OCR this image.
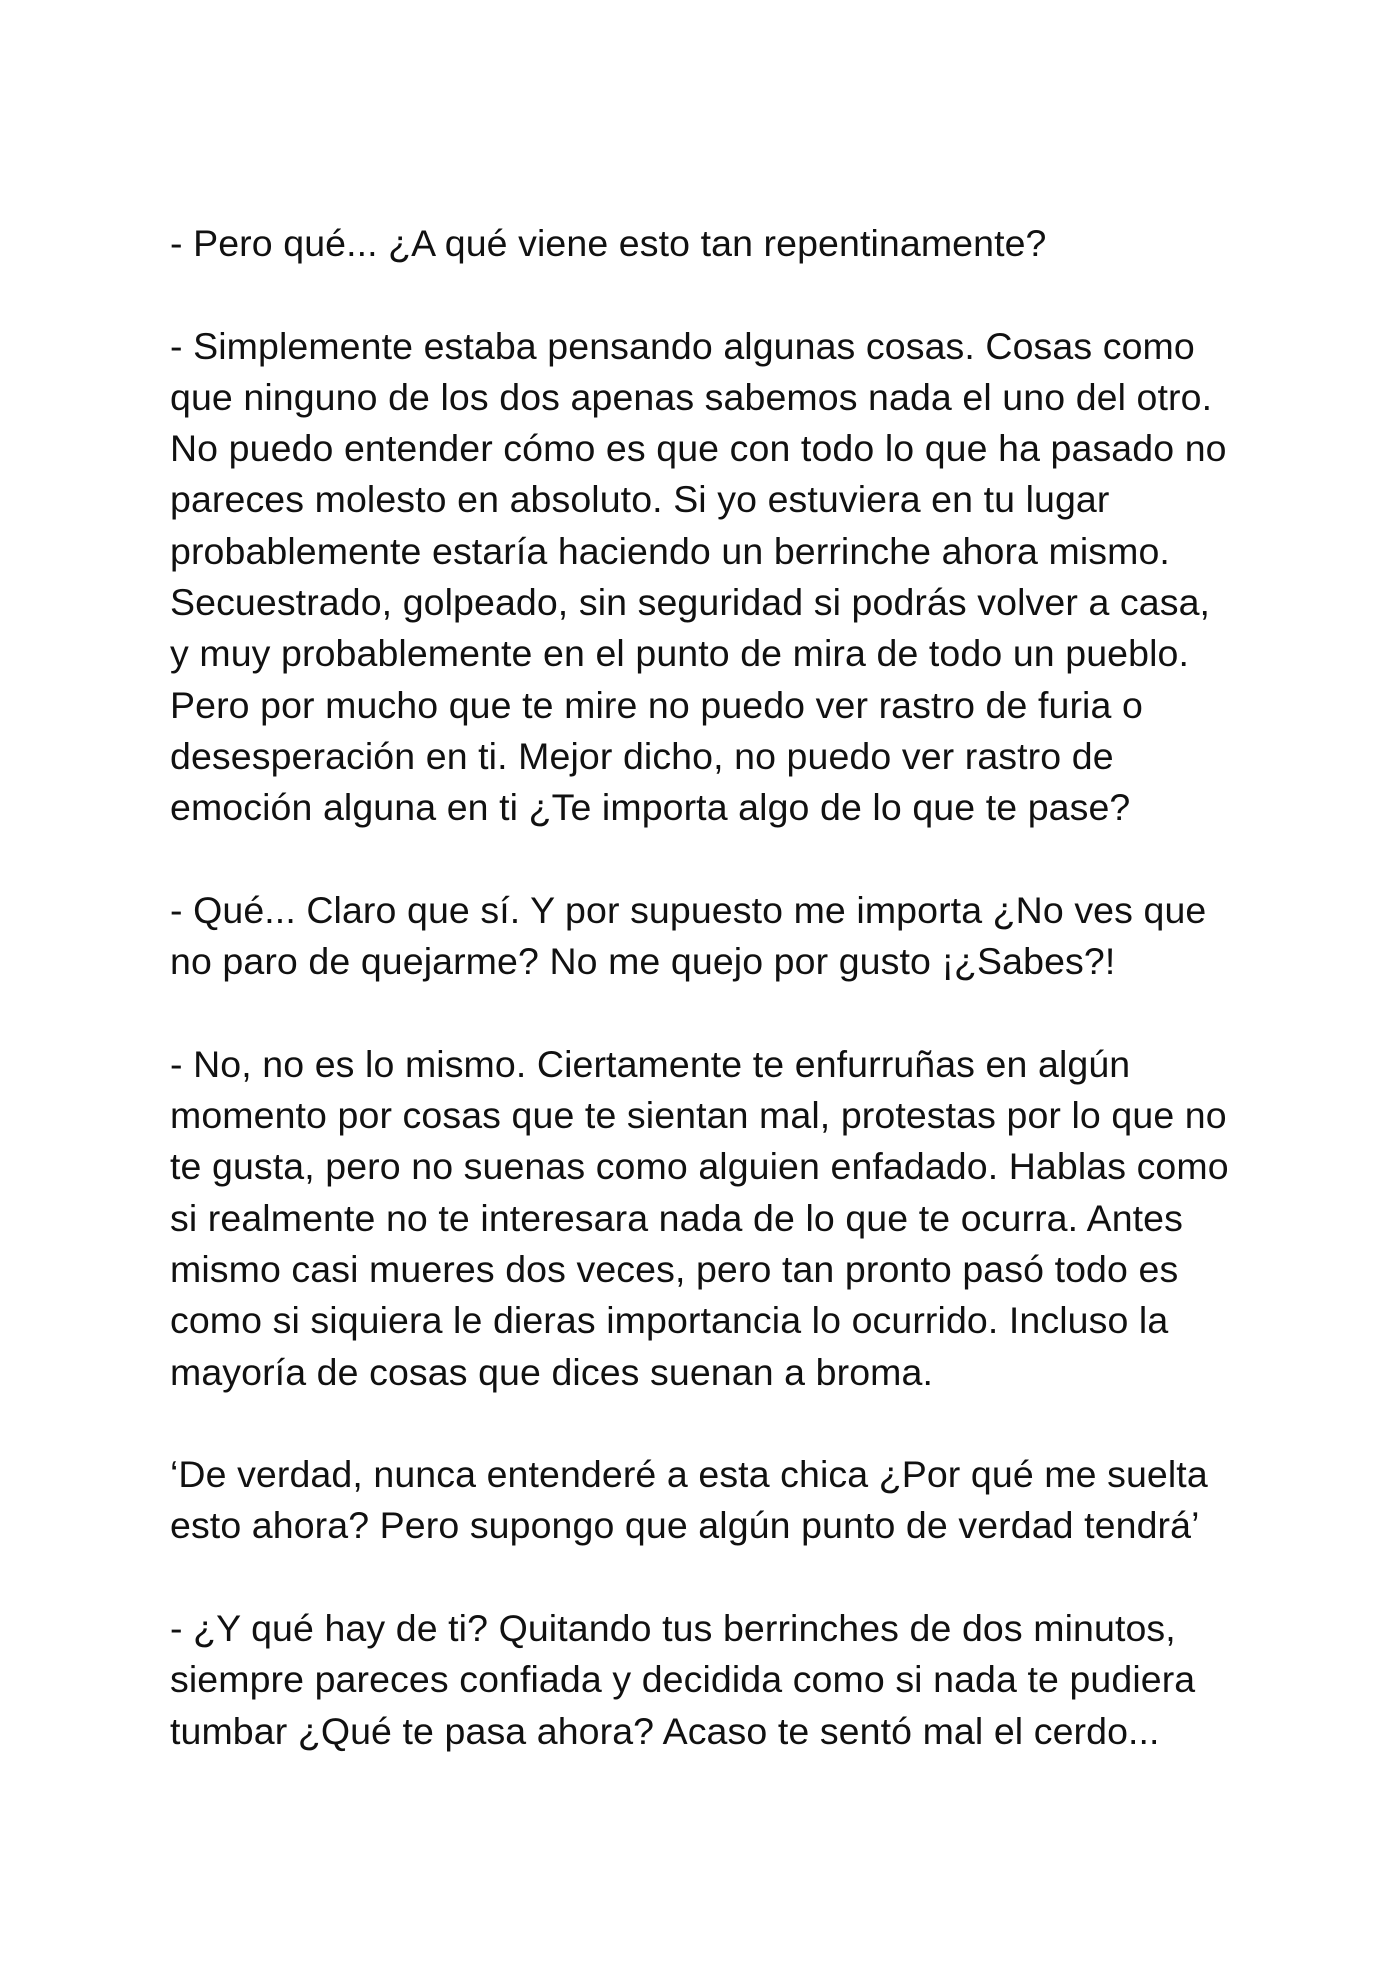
- Pero qué... ¿A qué viene esto tan repentinamente?

- Simplemente estaba pensando algunas cosas. Cosas como
que ninguno de los dos apenas sabemos nada el uno del otro.
No puedo entender cómo es que con todo lo que ha pasado no
pareces molesto en absoluto. Si yo estuviera en tu lugar
probablemente estaría haciendo un berrinche ahora mismo.
Secuestrado, golpeado, sin seguridad si podrás volver a casa,
y muy probablemente en el punto de mira de todo un pueblo.
Pero por mucho que te mire no puedo ver rastro de furia o
desesperación en ti. Mejor dicho, no puedo ver rastro de
emoción alguna en ti ¿Te importa algo de lo que te pase?

- Qué... Claro que sí. Y por supuesto me importa ¿No ves que
no paro de quejarme? No me quejo por gusto ¡¿Sabes?!

- No, no es lo mismo. Ciertamente te enfurruñas en algún
momento por cosas que te sientan mal, protestas por lo que no
te gusta, pero no suenas como alguien enfadado. Hablas como
si realmente no te interesara nada de lo que te ocurra. Antes
mismo casi mueres dos veces, pero tan pronto pasó todo es
como si siquiera le dieras importancia lo ocurrido. Incluso la
mayoría de cosas que dices suenan a broma.

‘De verdad, nunca entenderé a esta chica ¿Por qué me suelta
esto ahora? Pero supongo que algún punto de verdad tendrá’

- ¿Y qué hay de ti? Quitando tus berrinches de dos minutos,
siempre pareces confiada y decidida como si nada te pudiera
tumbar ¿Qué te pasa ahora? Acaso te sentó mal el cerdo...
